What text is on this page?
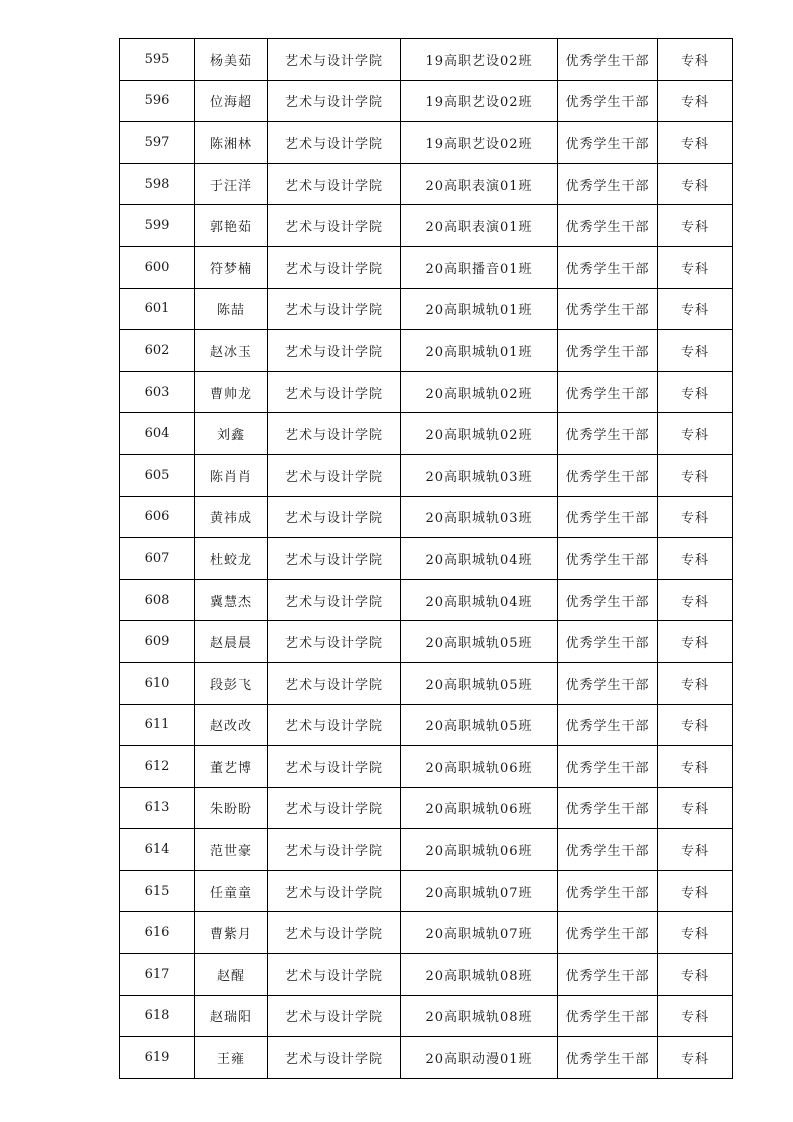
595	杨美茹	艺术与设计学院	19高职艺设02班	优秀学生干部	专科
596	位海超	艺术与设计学院	19高职艺设02班	优秀学生干部	专科
597	陈湘林	艺术与设计学院	19高职艺设02班	优秀学生干部	专科
598	于汪洋	艺术与设计学院	20高职表演01班	优秀学生干部	专科
599	郭艳茹	艺术与设计学院	20高职表演01班	优秀学生干部	专科
600	符梦楠	艺术与设计学院	20高职播音01班	优秀学生干部	专科
601	陈喆	艺术与设计学院	20高职城轨01班	优秀学生干部	专科
602	赵冰玉	艺术与设计学院	20高职城轨01班	优秀学生干部	专科
603	曹帅龙	艺术与设计学院	20高职城轨02班	优秀学生干部	专科
604	刘鑫	艺术与设计学院	20高职城轨02班	优秀学生干部	专科
605	陈肖肖	艺术与设计学院	20高职城轨03班	优秀学生干部	专科
606	黄祎成	艺术与设计学院	20高职城轨03班	优秀学生干部	专科
607	杜蛟龙	艺术与设计学院	20高职城轨04班	优秀学生干部	专科
608	冀慧杰	艺术与设计学院	20高职城轨04班	优秀学生干部	专科
609	赵晨晨	艺术与设计学院	20高职城轨05班	优秀学生干部	专科
610	段彭飞	艺术与设计学院	20高职城轨05班	优秀学生干部	专科
611	赵改改	艺术与设计学院	20高职城轨05班	优秀学生干部	专科
612	董艺博	艺术与设计学院	20高职城轨06班	优秀学生干部	专科
613	朱盼盼	艺术与设计学院	20高职城轨06班	优秀学生干部	专科
614	范世豪	艺术与设计学院	20高职城轨06班	优秀学生干部	专科
615	任童童	艺术与设计学院	20高职城轨07班	优秀学生干部	专科
616	曹紫月	艺术与设计学院	20高职城轨07班	优秀学生干部	专科
617	赵醒	艺术与设计学院	20高职城轨08班	优秀学生干部	专科
618	赵瑞阳	艺术与设计学院	20高职城轨08班	优秀学生干部	专科
619	王雍	艺术与设计学院	20高职动漫01班	优秀学生干部	专科
